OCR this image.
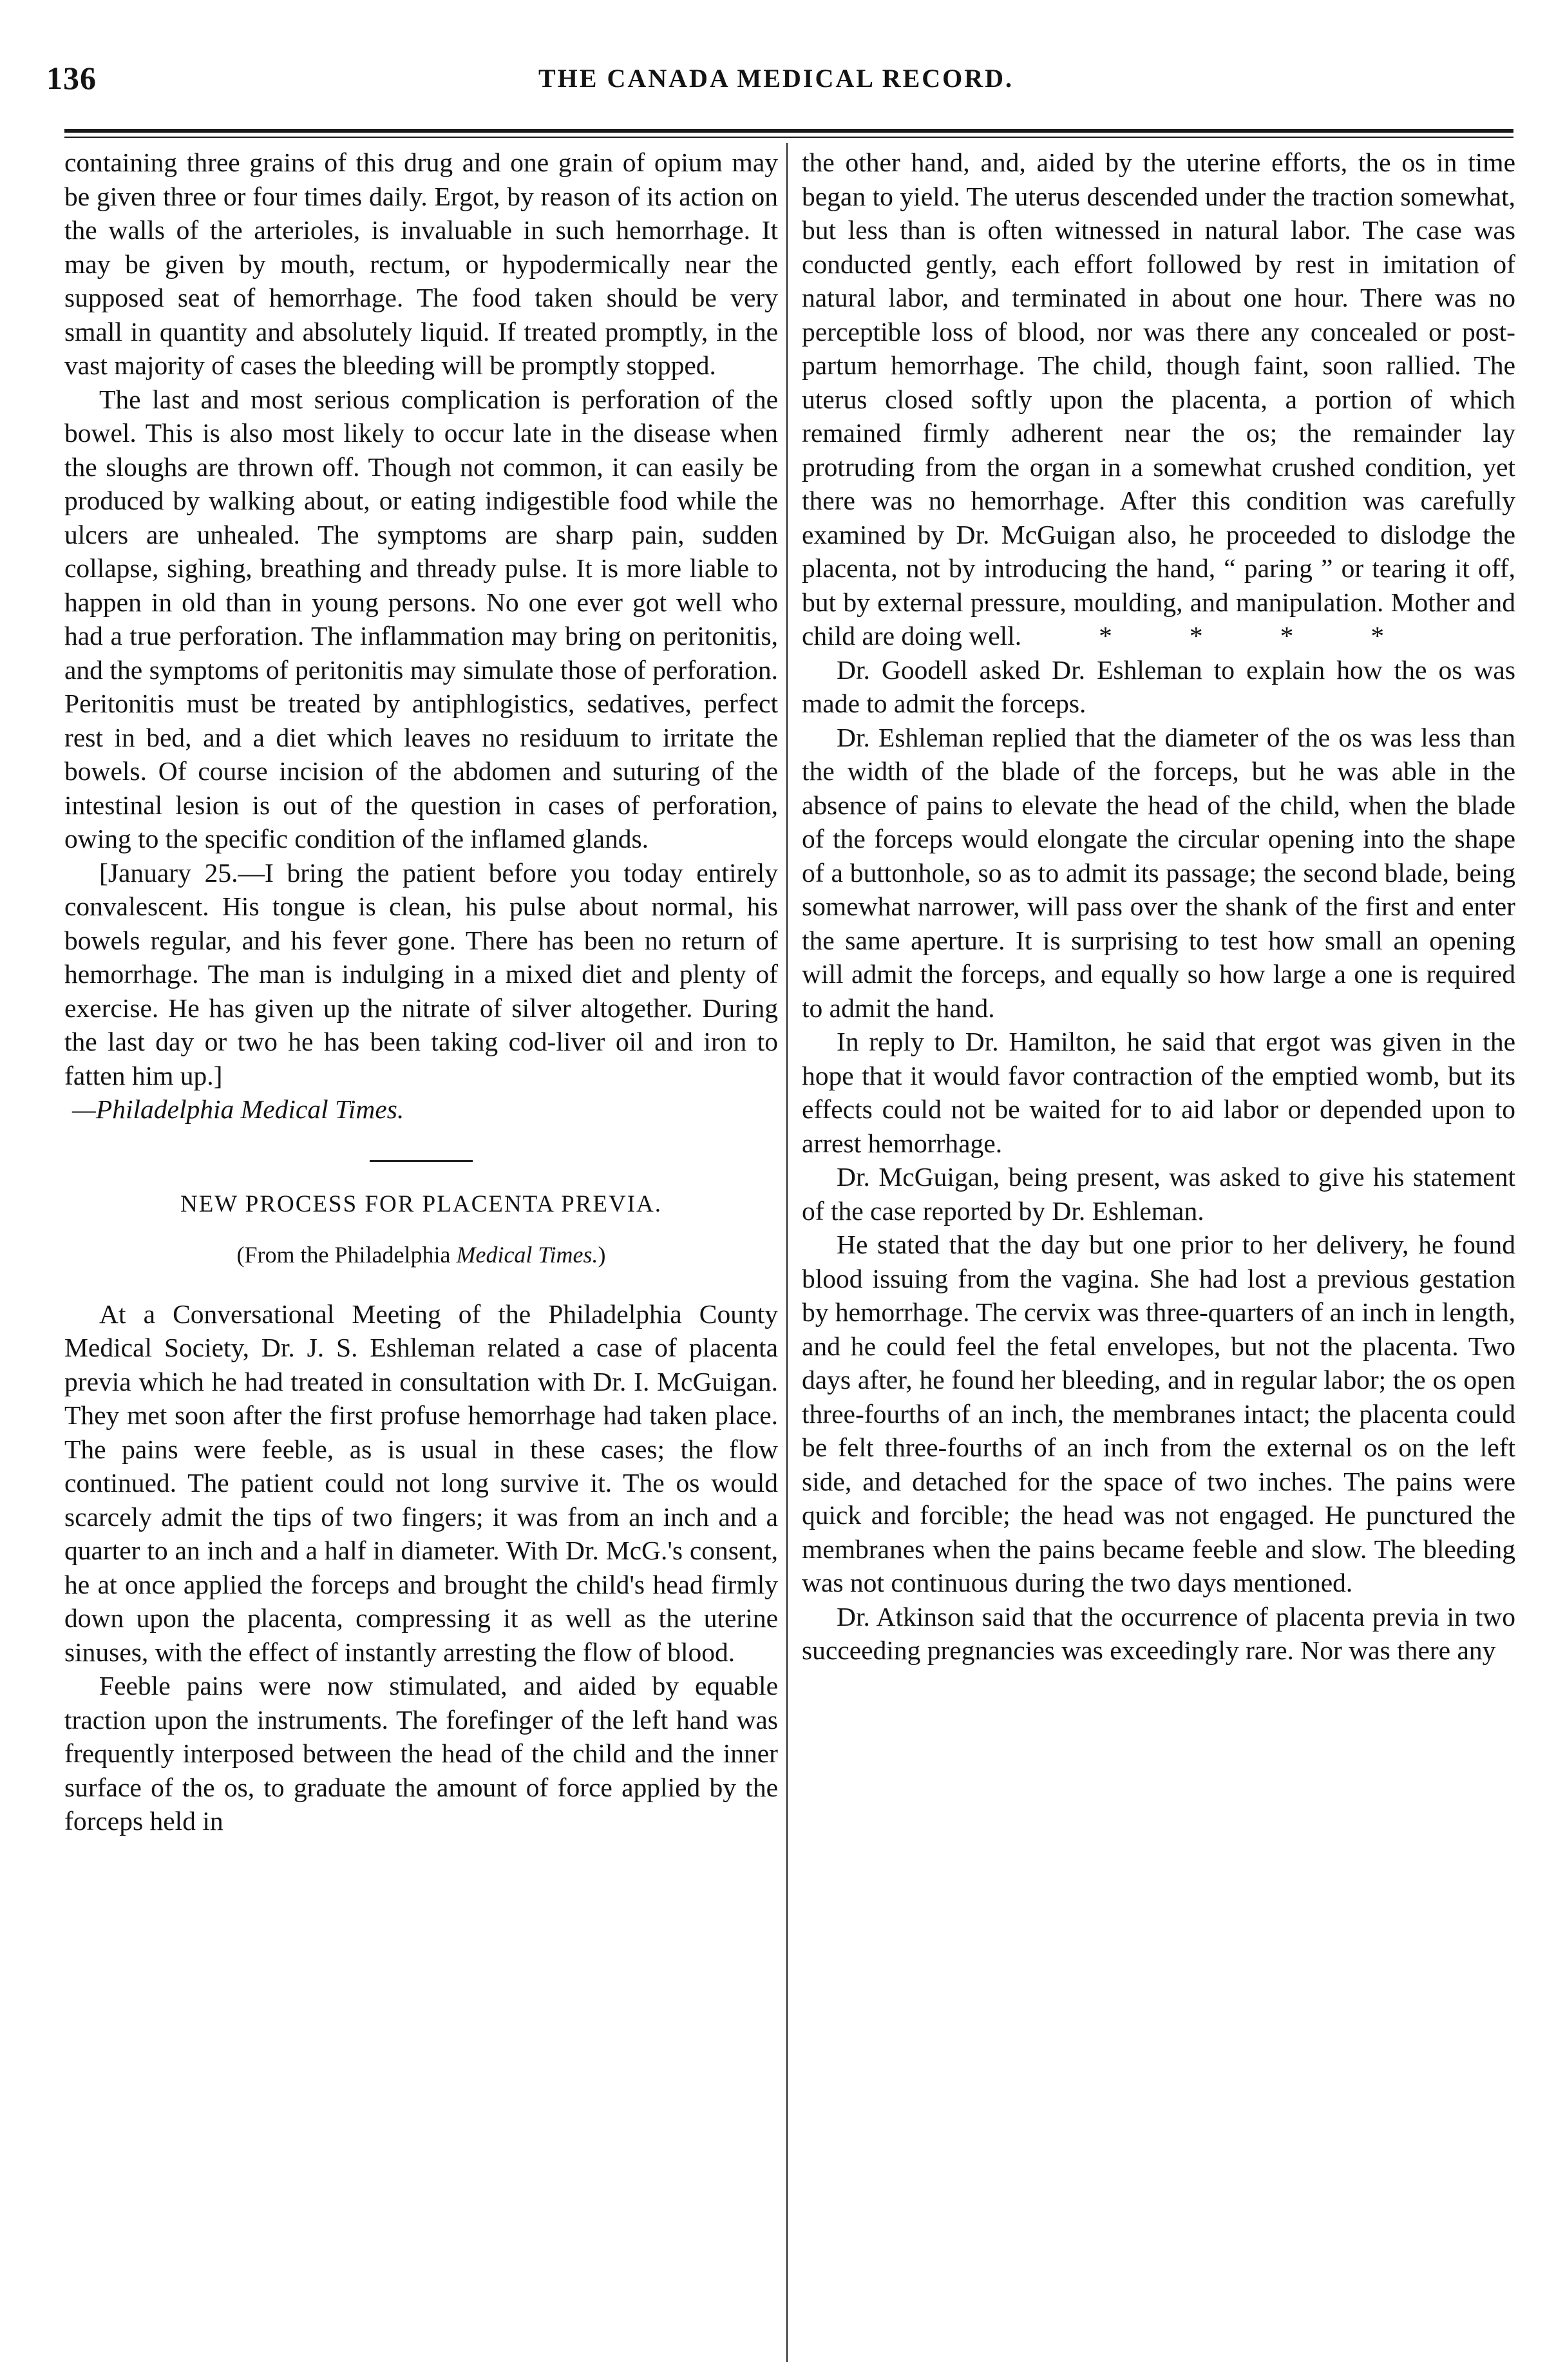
136	THE CANADA MEDICAL RECORD.

containing three grains of this drug and one grain of opium may be given three or four times daily. Ergot, by reason of its action on the walls of the arterioles, is invaluable in such hemorrhage. It may be given by mouth, rectum, or hypodermically near the supposed seat of hemorrhage. The food taken should be very small in quantity and absolutely liquid. If treated promptly, in the vast majority of cases the bleeding will be promptly stopped.

The last and most serious complication is perforation of the bowel. This is also most likely to occur late in the disease when the sloughs are thrown off. Though not common, it can easily be produced by walking about, or eating indigestible food while the ulcers are unhealed. The symptoms are sharp pain, sudden collapse, sighing, breathing and thready pulse. It is more liable to happen in old than in young persons. No one ever got well who had a true perforation. The inflammation may bring on peritonitis, and the symptoms of peritonitis may simulate those of perforation. Peritonitis must be treated by antiphlogistics, sedatives, perfect rest in bed, and a diet which leaves no residuum to irritate the bowels. Of course incision of the abdomen and suturing of the intestinal lesion is out of the question in cases of perforation, owing to the specific condition of the inflamed glands.

[January 25.—I bring the patient before you today entirely convalescent. His tongue is clean, his pulse about normal, his bowels regular, and his fever gone. There has been no return of hemorrhage. The man is indulging in a mixed diet and plenty of exercise. He has given up the nitrate of silver altogether. During the last day or two he has been taking cod-liver oil and iron to fatten him up.]

—Philadelphia Medical Times.

NEW PROCESS FOR PLACENTA PREVIA.
(From the Philadelphia Medical Times.)

At a Conversational Meeting of the Philadelphia County Medical Society, Dr. J. S. Eshleman related a case of placenta previa which he had treated in consultation with Dr. I. McGuigan. They met soon after the first profuse hemorrhage had taken place. The pains were feeble, as is usual in these cases; the flow continued. The patient could not long survive it. The os would scarcely admit the tips of two fingers; it was from an inch and a quarter to an inch and a half in diameter. With Dr. McG.'s consent, he at once applied the forceps and brought the child's head firmly down upon the placenta, compressing it as well as the uterine sinuses, with the effect of instantly arresting the flow of blood.

Feeble pains were now stimulated, and aided by equable traction upon the instruments. The forefinger of the left hand was frequently interposed between the head of the child and the inner surface of the os, to graduate the amount of force applied by the forceps held in

the other hand, and, aided by the uterine efforts, the os in time began to yield. The uterus descended under the traction somewhat, but less than is often witnessed in natural labor. The case was conducted gently, each effort followed by rest in imitation of natural labor, and terminated in about one hour. There was no perceptible loss of blood, nor was there any concealed or post-partum hemorrhage. The child, though faint, soon rallied. The uterus closed softly upon the placenta, a portion of which remained firmly adherent near the os; the remainder lay protruding from the organ in a somewhat crushed condition, yet there was no hemorrhage. After this condition was carefully examined by Dr. McGuigan also, he proceeded to dislodge the placenta, not by introducing the hand, “ paring ” or tearing it off, but by external pressure, moulding, and manipulation. Mother and child are doing well.	*	*	*	*

Dr. Goodell asked Dr. Eshleman to explain how the os was made to admit the forceps.

Dr. Eshleman replied that the diameter of the os was less than the width of the blade of the forceps, but he was able in the absence of pains to elevate the head of the child, when the blade of the forceps would elongate the circular opening into the shape of a buttonhole, so as to admit its passage; the second blade, being somewhat narrower, will pass over the shank of the first and enter the same aperture. It is surprising to test how small an opening will admit the forceps, and equally so how large a one is required to admit the hand.

In reply to Dr. Hamilton, he said that ergot was given in the hope that it would favor contraction of the emptied womb, but its effects could not be waited for to aid labor or depended upon to arrest hemorrhage.

Dr. McGuigan, being present, was asked to give his statement of the case reported by Dr. Eshleman.

He stated that the day but one prior to her delivery, he found blood issuing from the vagina. She had lost a previous gestation by hemorrhage. The cervix was three-quarters of an inch in length, and he could feel the fetal envelopes, but not the placenta. Two days after, he found her bleeding, and in regular labor; the os open three-fourths of an inch, the membranes intact; the placenta could be felt three-fourths of an inch from the external os on the left side, and detached for the space of two inches. The pains were quick and forcible; the head was not engaged. He punctured the membranes when the pains became feeble and slow. The bleeding was not continuous during the two days mentioned.

Dr. Atkinson said that the occurrence of placenta previa in two succeeding pregnancies was exceedingly rare. Nor was there any
